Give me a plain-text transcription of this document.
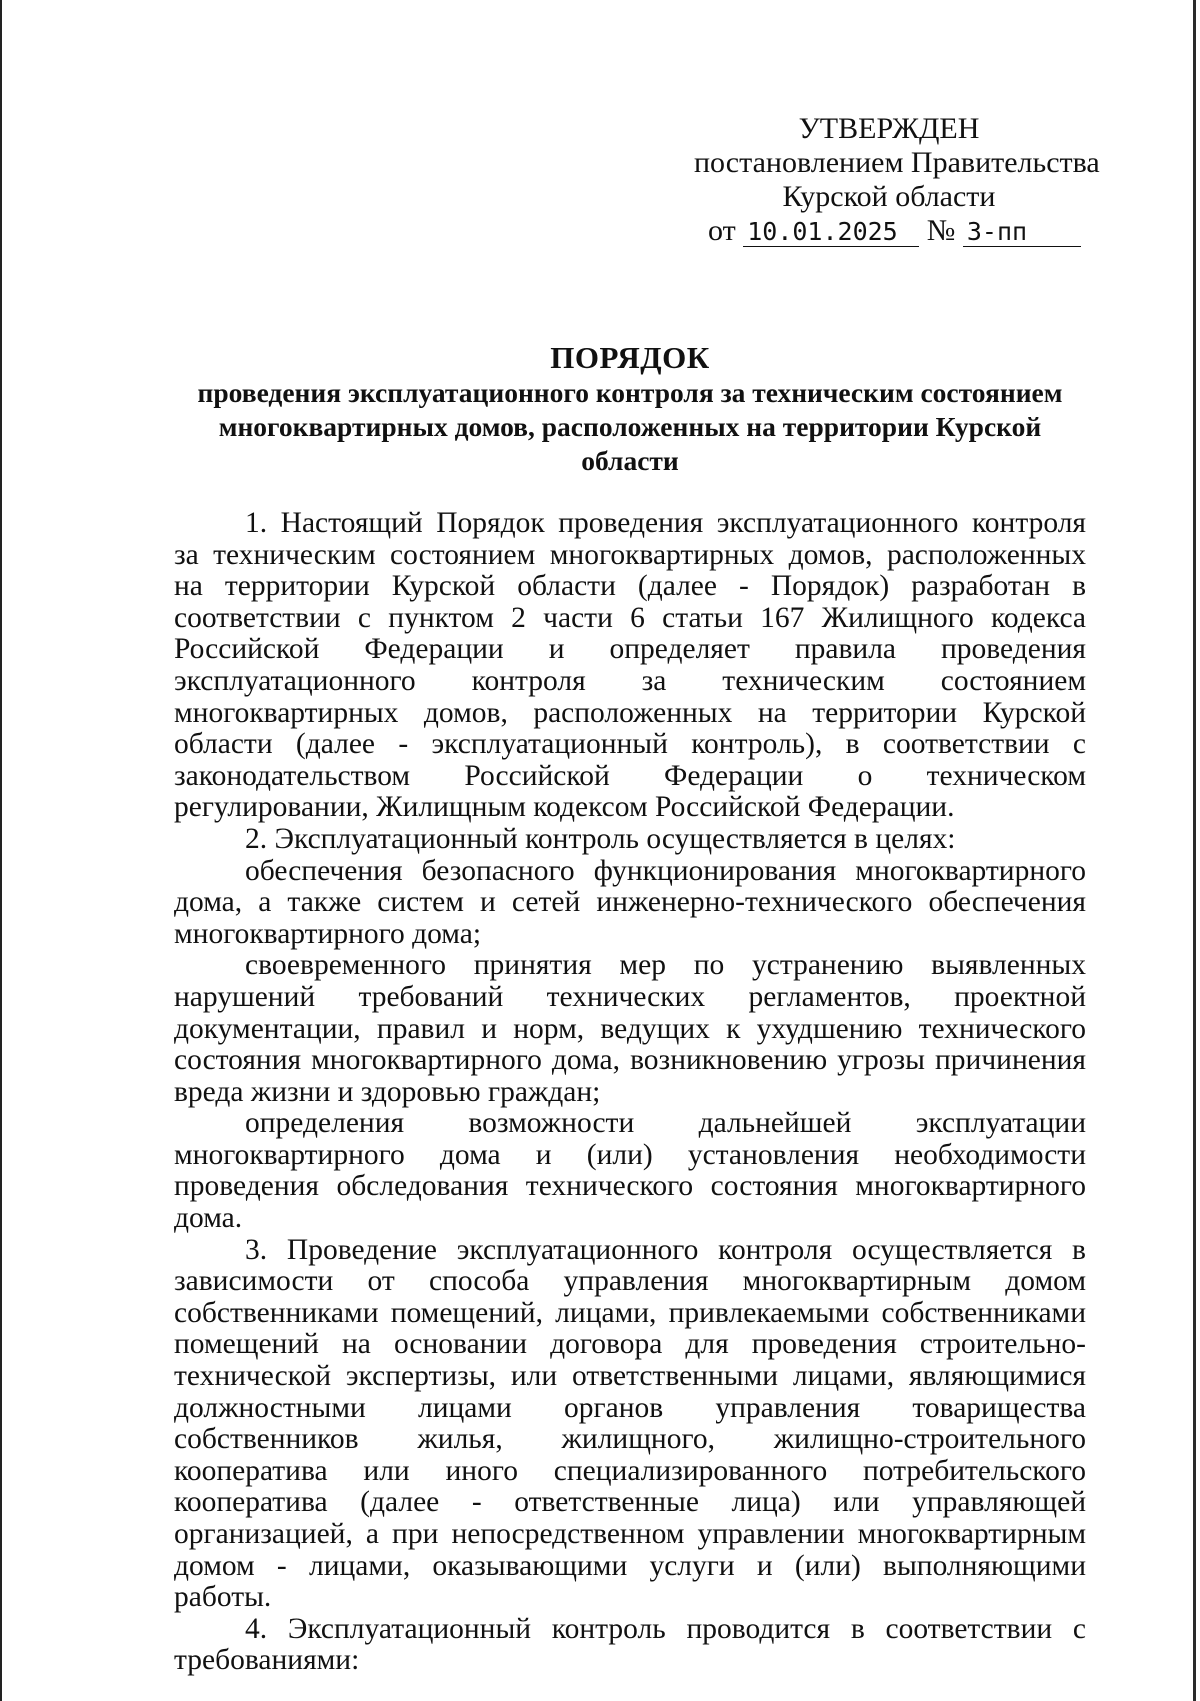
УТВЕРЖДЕН
постановлением Правительства
Курской области
от 10.01.2025 № 3-пп
ПОРЯДОК

проведения эксплуатационного контроля за техническим состоянием

многоквартирных домов, расположенных на территории Курской

области

1. Настоящий Порядок проведения эксплуатационного контроля за техническим состоянием многоквартирных домов, расположенных на территории Курской области (далее - Порядок) разработан в соответствии с пунктом 2 части 6 статьи 167 Жилищного кодекса Российской Федерации и определяет правила проведения эксплуатационного контроля за техническим состоянием многоквартирных домов, расположенных на территории Курской области (далее - эксплуатационный контроль), в соответствии с законодательством Российской Федерации о техническом регулировании, Жилищным кодексом Российской Федерации.

2. Эксплуатационный контроль осуществляется в целях:

обеспечения безопасного функционирования многоквартирного дома, а также систем и сетей инженерно-технического обеспечения многоквартирного дома;

своевременного принятия мер по устранению выявленных нарушений требований технических регламентов, проектной документации, правил и норм, ведущих к ухудшению технического состояния многоквартирного дома, возникновению угрозы причинения вреда жизни и здоровью граждан;

определения возможности дальнейшей эксплуатации многоквартирного дома и (или) установления необходимости проведения обследования технического состояния многоквартирного дома.

3. Проведение эксплуатационного контроля осуществляется в зависимости от способа управления многоквартирным домом собственниками помещений, лицами, привлекаемыми собственниками помещений на основании договора для проведения строительно-технической экспертизы, или ответственными лицами, являющимися должностными лицами органов управления товарищества собственников жилья, жилищного, жилищно-строительного кооператива или иного специализированного потребительского кооператива (далее - ответственные лица) или управляющей организацией, а при непосредственном управлении многоквартирным домом - лицами, оказывающими услуги и (или) выполняющими работы.

4. Эксплуатационный контроль проводится в соответствии с требованиями:
